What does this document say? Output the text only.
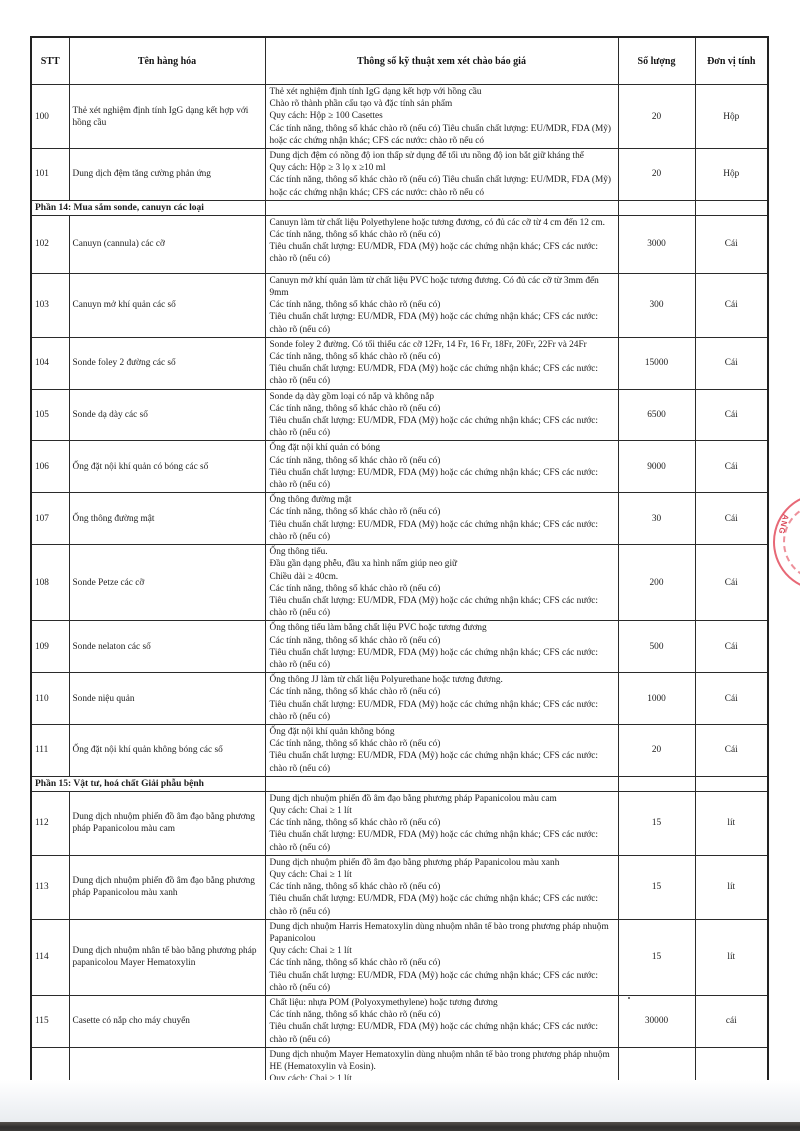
STT	Tên hàng hóa	Thông số kỹ thuật xem xét chào báo giá	Số lượng	Đơn vị tính
100	Thẻ xét nghiệm định tính IgG dạng kết hợp với hồng cầu	Thẻ xét nghiệm định tính IgG dạng kết hợp với hồng cầu
Chào rõ thành phần cấu tạo và đặc tính sản phẩm
Quy cách: Hộp ≥ 100 Casettes
Các tính năng, thông số khác chào rõ (nếu có) Tiêu chuẩn chất lượng: EU/MDR, FDA (Mỹ) hoặc các chứng nhận khác; CFS các nước: chào rõ nếu có	20	Hộp
101	Dung dịch đệm tăng cường phản ứng	Dung dịch đệm có nồng độ ion thấp sử dụng để tối ưu nồng độ ion bắt giữ kháng thể
Quy cách: Hộp ≥ 3 lọ x ≥10 ml
Các tính năng, thông số khác chào rõ (nếu có) Tiêu chuẩn chất lượng: EU/MDR, FDA (Mỹ) hoặc các chứng nhận khác; CFS các nước: chào rõ nếu có	20	Hộp
Phần 14: Mua sắm sonde, canuyn các loại				
102	Canuyn (cannula) các cỡ	Canuyn làm từ chất liệu Polyethylene hoặc tương đương, có đủ các cỡ từ 4 cm đến 12 cm.
Các tính năng, thông số khác chào rõ (nếu có)
Tiêu chuẩn chất lượng: EU/MDR, FDA (Mỹ) hoặc các chứng nhận khác; CFS các nước: chào rõ (nếu có)	3000	Cái
103	Canuyn mở khí quản các số	Canuyn mở khí quản làm từ chất liệu PVC hoặc tương đương. Có đủ các cỡ từ 3mm đến 9mm
Các tính năng, thông số khác chào rõ (nếu có)
Tiêu chuẩn chất lượng: EU/MDR, FDA (Mỹ) hoặc các chứng nhận khác; CFS các nước: chào rõ (nếu có)	300	Cái
104	Sonde foley 2 đường các số	Sonde foley 2 đường. Có tối thiểu các cỡ 12Fr, 14 Fr, 16 Fr, 18Fr, 20Fr, 22Fr và 24Fr
Các tính năng, thông số khác chào rõ (nếu có)
Tiêu chuẩn chất lượng: EU/MDR, FDA (Mỹ) hoặc các chứng nhận khác; CFS các nước: chào rõ (nếu có)	15000	Cái
105	Sonde dạ dày các số	Sonde dạ dày gồm loại có nắp và không nắp
Các tính năng, thông số khác chào rõ (nếu có)
Tiêu chuẩn chất lượng: EU/MDR, FDA (Mỹ) hoặc các chứng nhận khác; CFS các nước: chào rõ (nếu có)	6500	Cái
106	Ống đặt nội khí quản có bóng các số	Ống đặt nội khí quản có bóng
Các tính năng, thông số khác chào rõ (nếu có)
Tiêu chuẩn chất lượng: EU/MDR, FDA (Mỹ) hoặc các chứng nhận khác; CFS các nước: chào rõ (nếu có)	9000	Cái
107	Ống thông đường mật	Ống thông đường mật
Các tính năng, thông số khác chào rõ (nếu có)
Tiêu chuẩn chất lượng: EU/MDR, FDA (Mỹ) hoặc các chứng nhận khác; CFS các nước: chào rõ (nếu có)	30	Cái
108	Sonde Petze các cỡ	Ống thông tiểu.
Đầu gần dạng phễu, đầu xa hình nấm giúp neo giữ
Chiều dài ≥ 40cm.
Các tính năng, thông số khác chào rõ (nếu có)
Tiêu chuẩn chất lượng: EU/MDR, FDA (Mỹ) hoặc các chứng nhận khác; CFS các nước: chào rõ (nếu có)	200	Cái
109	Sonde nelaton các số	Ống thông tiểu làm bằng chất liệu PVC hoặc tương đương
Các tính năng, thông số khác chào rõ (nếu có)
Tiêu chuẩn chất lượng: EU/MDR, FDA (Mỹ) hoặc các chứng nhận khác; CFS các nước: chào rõ (nếu có)	500	Cái
110	Sonde niệu quản	Ống thông JJ làm từ chất liệu Polyurethane hoặc tương đương.
Các tính năng, thông số khác chào rõ (nếu có)
Tiêu chuẩn chất lượng: EU/MDR, FDA (Mỹ) hoặc các chứng nhận khác; CFS các nước: chào rõ (nếu có)	1000	Cái
111	Ống đặt nội khí quản không bóng các số	Ống đặt nội khí quản không bóng
Các tính năng, thông số khác chào rõ (nếu có)
Tiêu chuẩn chất lượng: EU/MDR, FDA (Mỹ) hoặc các chứng nhận khác; CFS các nước: chào rõ (nếu có)	20	Cái
Phần 15: Vật tư, hoá chất Giải phẫu bệnh				
112	Dung dịch nhuộm phiến đồ âm đạo bằng phương pháp Papanicolou màu cam	Dung dịch nhuộm phiến đồ âm đạo bằng phương pháp Papanicolou màu cam
Quy cách: Chai ≥ 1 lít
Các tính năng, thông số khác chào rõ (nếu có)
Tiêu chuẩn chất lượng: EU/MDR, FDA (Mỹ) hoặc các chứng nhận khác; CFS các nước: chào rõ (nếu có)	15	lít
113	Dung dịch nhuộm phiến đồ âm đạo bằng phương pháp Papanicolou màu xanh	Dung dịch nhuộm phiến đồ âm đạo bằng phương pháp Papanicolou màu xanh
Quy cách: Chai ≥ 1 lít
Các tính năng, thông số khác chào rõ (nếu có)
Tiêu chuẩn chất lượng: EU/MDR, FDA (Mỹ) hoặc các chứng nhận khác; CFS các nước: chào rõ (nếu có)	15	lít
114	Dung dịch nhuộm nhân tế bào bằng phương pháp papanicolou Mayer Hematoxylin	Dung dịch nhuộm Harris Hematoxylin dùng nhuộm nhân tế bào trong phương pháp nhuộm Papanicolou
Quy cách: Chai ≥ 1 lít
Các tính năng, thông số khác chào rõ (nếu có)
Tiêu chuẩn chất lượng: EU/MDR, FDA (Mỹ) hoặc các chứng nhận khác; CFS các nước: chào rõ (nếu có)	15	lít
115	Casette có nắp cho máy chuyển	Chất liệu: nhựa POM (Polyoxymethylene) hoặc tương đương
Các tính năng, thông số khác chào rõ (nếu có)
Tiêu chuẩn chất lượng: EU/MDR, FDA (Mỹ) hoặc các chứng nhận khác; CFS các nước: chào rõ (nếu có)	30000	cái

Dung dịch nhuộm Mayer Hematoxylin dùng nhuộm nhân tế bào trong phương pháp nhuộm HE (Hematoxylin và Eosin).

ANG
